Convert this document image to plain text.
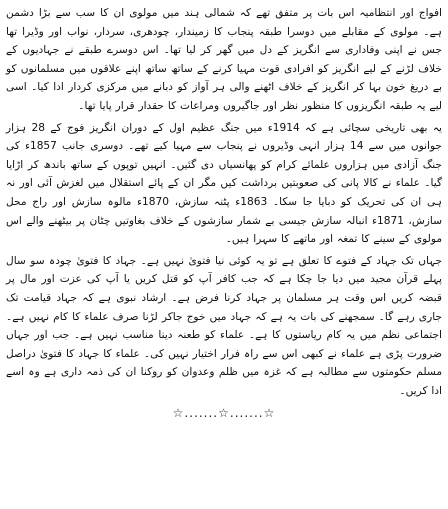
افواج اور انتظامیہ اس بات پر متفق تھے کہ شمالی ہند میں مولوی ان کا سب سے بڑا دشمن ہے۔ مولوی کے مقابلے میں دوسرا طبقہ پنجاب کا زمیندار، چودھری، سردار، نواب اور وڈیرا تھا جس نے اپنی وفاداری سے انگریز کے دل میں گھر کر لیا تھا۔ اس دوسرے طبقے نے جہادیوں کے خلاف لڑنے کے لیے انگریز کو افرادی قوت مہیا کرنے کے ساتھ ساتھ اپنے علاقوں میں مسلمانوں کو بے دریغ خون بہا کر انگریز کے خلاف اٹھنے والی ہر آواز کو دبانے میں مرکزی کردار ادا کیا۔ اسی لیے یہ طبقہ انگریزوں کا منظور نظر اور جاگیروں ومراعات کا حقدار قرار پایا تھا۔

یہ بھی تاریخی سچائی ہے کہ 1914ء میں جنگ عظیم اول کے دوران انگریز فوج کے 28 ہزار جوانوں میں سے 14 ہزار انہی وڈیروں نے پنجاب سے مہیا کیے تھے۔ دوسری جانب 1857ء کی جنگ آزادی میں ہزاروں علمائے کرام کو پھانسیاں دی گئیں۔ انہیں توپوں کے ساتھ باندھ کر اڑایا گیا۔ علماء نے کالا پانی کی صعوبتیں برداشت کیں مگر ان کے پائے استقلال میں لغزش آئی اور نہ ہی ان کی تحریک کو دبایا جا سکا۔ 1863ء پٹنہ سازش، 1870ء مالوہ سازش اور راج محل سازش، 1871ء انبالہ سازش جیسی بے شمار سازشوں کے خلاف بغاوتیں چٹان پر بیٹھنے والے اس مولوی کے سینے کا تمغہ اور ماتھے کا سہرا ہیں۔

جہاں تک جہاد کے فتوے کا تعلق ہے تو یہ کوئی نیا فتویٰ نہیں ہے۔ جہاد کا فتویٰ چودہ سو سال پہلے قرآن مجید میں دیا جا چکا ہے کہ جب کافر آپ کو قتل کریں یا آپ کی عزت اور مال پر قبضہ کریں اس وقت ہر مسلمان پر جہاد کرنا فرض ہے۔ ارشاد نبوی ہے کہ جہاد قیامت تک جاری رہے گا۔ سمجھنے کی بات یہ ہے کہ جہاد میں خوج جاکر لڑنا صرف علماء کا کام نہیں ہے۔ اجتماعی نظم میں یہ کام ریاستوں کا ہے۔ علماء کو طعنہ دینا مناسب نہیں ہے۔ جب اور جہاں ضرورت پڑی ہے علماء نے کبھی اس سے راہ فرار اختیار نہیں کی۔ علماء کا جہاد کا فتویٰ دراصل مسلم حکومتوں سے مطالبہ ہے کہ غزہ میں ظلم وعدوان کو روکنا ان کی ذمہ داری ہے وہ اسے ادا کریں۔

☆.......☆.......☆
